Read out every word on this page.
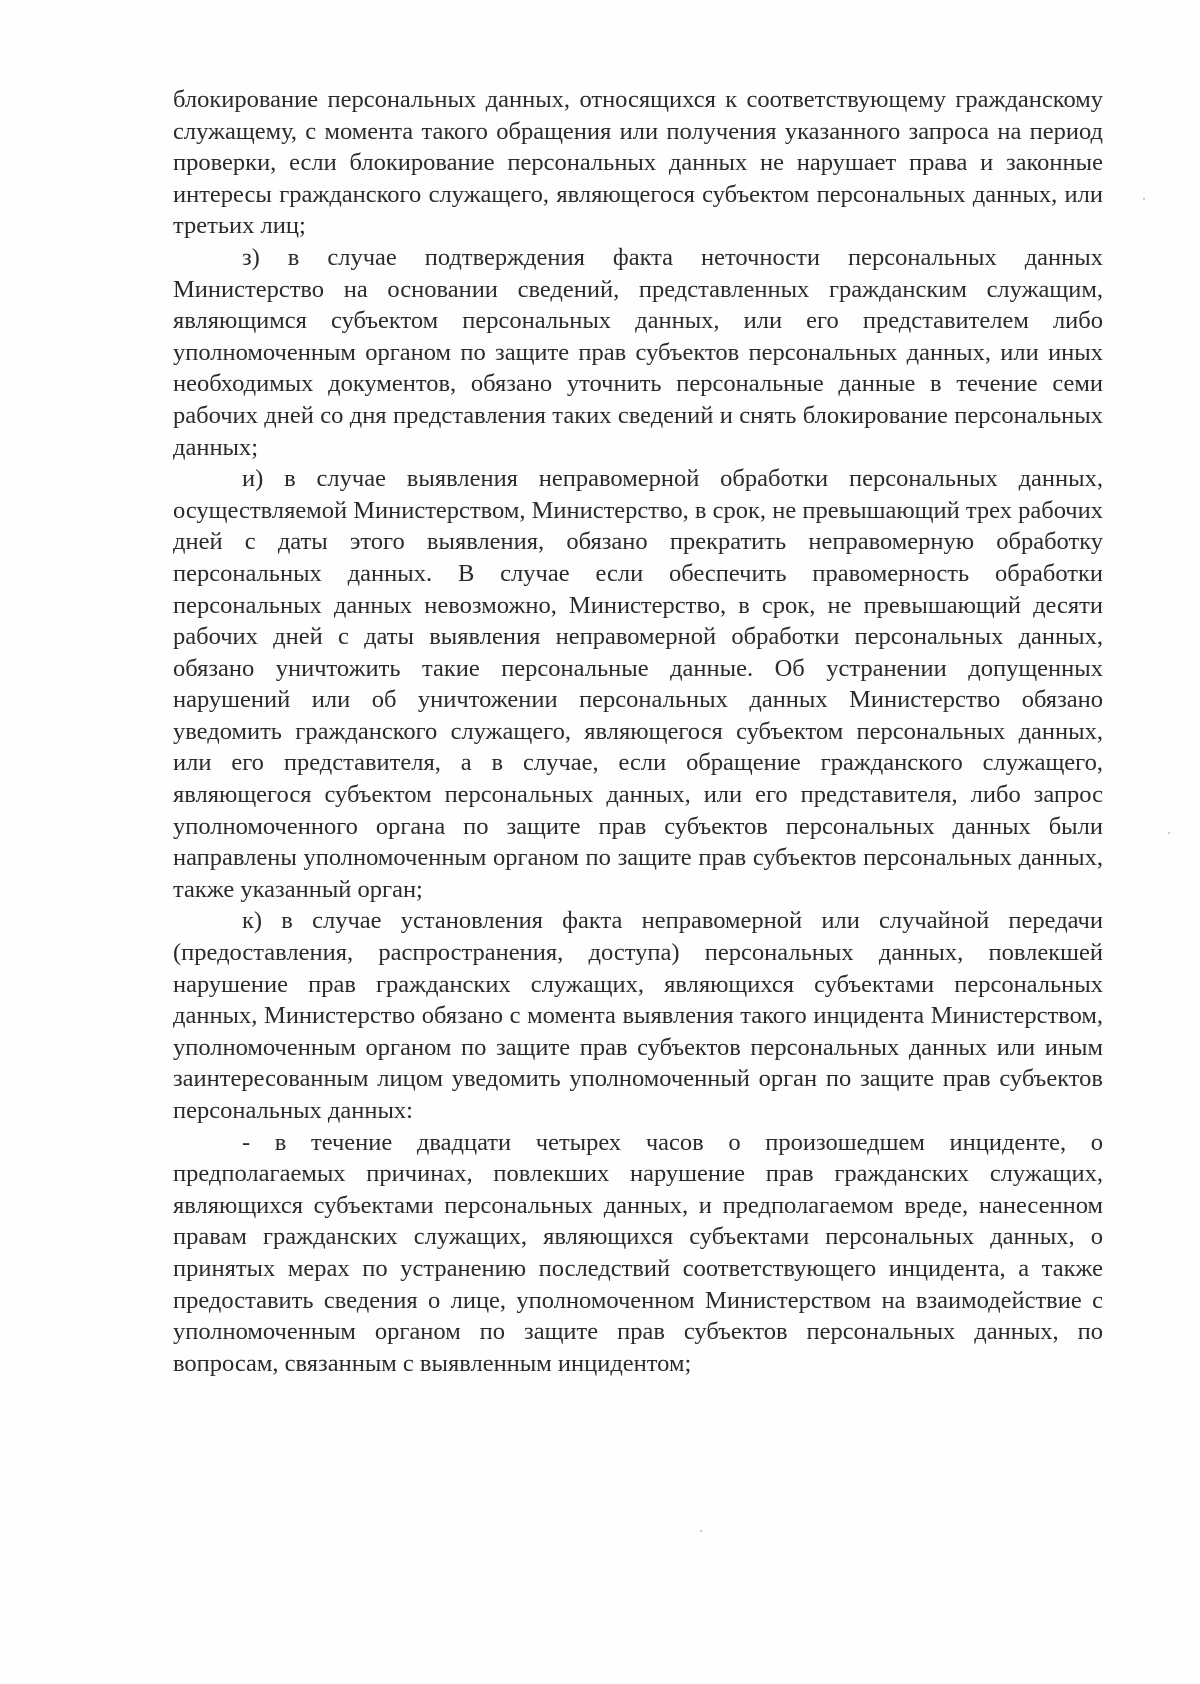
блокирование персональных данных, относящихся к соответствующему гражданскому служащему, с момента такого обращения или получения указанного запроса на период проверки, если блокирование персональных данных не нарушает права и законные интересы гражданского служащего, являющегося субъектом персональных данных, или третьих лиц;

з) в случае подтверждения факта неточности персональных данных Министерство на основании сведений, представленных гражданским служащим, являющимся субъектом персональных данных, или его представителем либо уполномоченным органом по защите прав субъектов персональных данных, или иных необходимых документов, обязано уточнить персональные данные в течение семи рабочих дней со дня представления таких сведений и снять блокирование персональных данных;

и) в случае выявления неправомерной обработки персональных данных, осуществляемой Министерством, Министерство, в срок, не превышающий трех рабочих дней с даты этого выявления, обязано прекратить неправомерную обработку персональных данных. В случае если обеспечить правомерность обработки персональных данных невозможно, Министерство, в срок, не превышающий десяти рабочих дней с даты выявления неправомерной обработки персональных данных, обязано уничтожить такие персональные данные. Об устранении допущенных нарушений или об уничтожении персональных данных Министерство обязано уведомить гражданского служащего, являющегося субъектом персональных данных, или его представителя, а в случае, если обращение гражданского служащего, являющегося субъектом персональных данных, или его представителя, либо запрос уполномоченного органа по защите прав субъектов персональных данных были направлены уполномоченным органом по защите прав субъектов персональных данных, также указанный орган;

к) в случае установления факта неправомерной или случайной передачи (предоставления, распространения, доступа) персональных данных, повлекшей нарушение прав гражданских служащих, являющихся субъектами персональных данных, Министерство обязано с момента выявления такого инцидента Министерством, уполномоченным органом по защите прав субъектов персональных данных или иным заинтересованным лицом уведомить уполномоченный орган по защите прав субъектов персональных данных:

- в течение двадцати четырех часов о произошедшем инциденте, о предполагаемых причинах, повлекших нарушение прав гражданских служащих, являющихся субъектами персональных данных, и предполагаемом вреде, нанесенном правам гражданских служащих, являющихся субъектами персональных данных, о принятых мерах по устранению последствий соответствующего инцидента, а также предоставить сведения о лице, уполномоченном Министерством на взаимодействие с уполномоченным органом по защите прав субъектов персональных данных, по вопросам, связанным с выявленным инцидентом;
